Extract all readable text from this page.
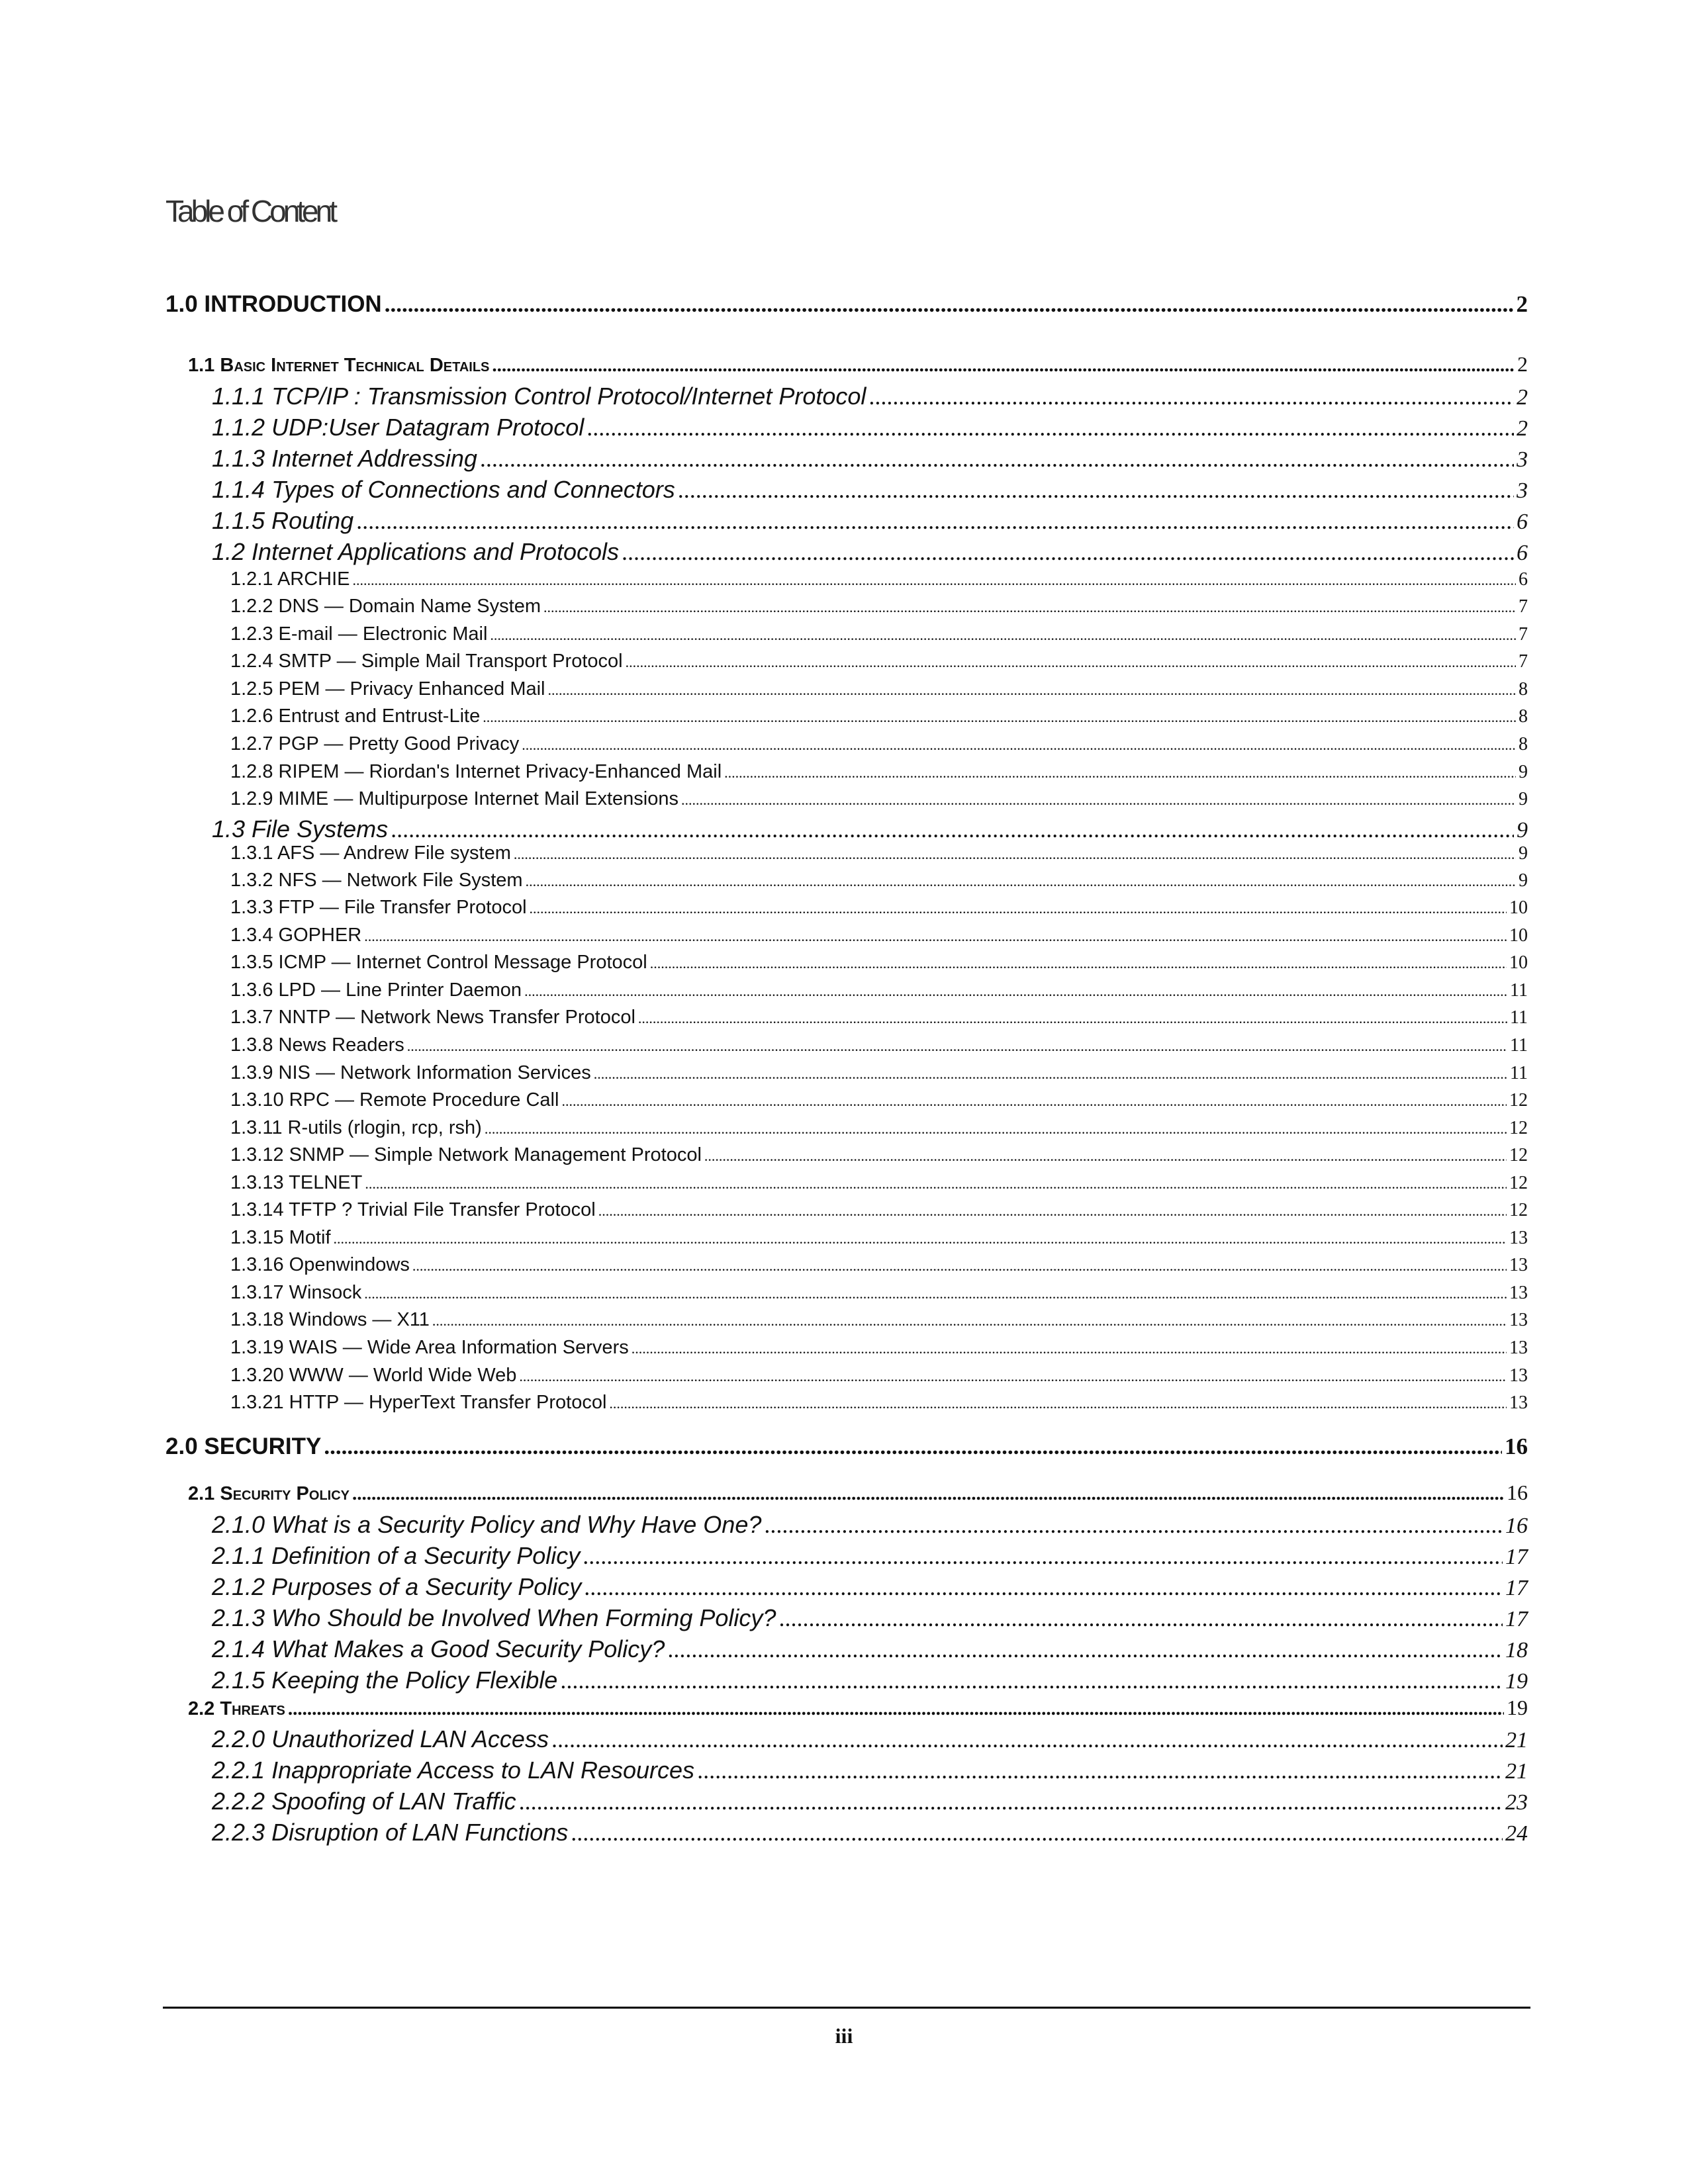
Table of Content
1.0 INTRODUCTION .....	2
1.1 Basic Internet Technical Details .....	2
1.1.1 TCP/IP : Transmission Control Protocol/Internet Protocol .....	2
1.1.2 UDP:User Datagram Protocol .....	2
1.1.3 Internet Addressing .....	3
1.1.4 Types of Connections and Connectors .....	3
1.1.5 Routing .....	6
1.2 Internet Applications and Protocols .....	6
1.2.1 ARCHIE .....	6
1.2.2 DNS — Domain Name System .....	7
1.2.3 E-mail — Electronic Mail .....	7
1.2.4 SMTP — Simple Mail Transport Protocol .....	7
1.2.5 PEM — Privacy Enhanced Mail .....	8
1.2.6 Entrust and Entrust-Lite .....	8
1.2.7 PGP — Pretty Good Privacy .....	8
1.2.8 RIPEM — Riordan's Internet Privacy-Enhanced Mail .....	9
1.2.9 MIME — Multipurpose Internet Mail Extensions .....	9
1.3 File Systems .....	9
1.3.1 AFS — Andrew File system .....	9
1.3.2 NFS — Network File System .....	9
1.3.3 FTP — File Transfer Protocol .....	10
1.3.4 GOPHER .....	10
1.3.5 ICMP — Internet Control Message Protocol .....	10
1.3.6 LPD — Line Printer Daemon .....	11
1.3.7 NNTP — Network News Transfer Protocol .....	11
1.3.8 News Readers .....	11
1.3.9 NIS — Network Information Services .....	11
1.3.10 RPC — Remote Procedure Call .....	12
1.3.11 R-utils (rlogin, rcp, rsh) .....	12
1.3.12 SNMP — Simple Network Management Protocol .....	12
1.3.13 TELNET .....	12
1.3.14 TFTP ? Trivial File Transfer Protocol .....	12
1.3.15 Motif .....	13
1.3.16 Openwindows .....	13
1.3.17 Winsock .....	13
1.3.18 Windows — X11 .....	13
1.3.19 WAIS — Wide Area Information Servers .....	13
1.3.20 WWW — World Wide Web .....	13
1.3.21 HTTP — HyperText Transfer Protocol .....	13
2.0 SECURITY .....	16
2.1 Security Policy .....	16
2.1.0 What is a Security Policy and Why Have One? .....	16
2.1.1 Definition of a Security Policy .....	17
2.1.2 Purposes of a Security Policy .....	17
2.1.3 Who Should be Involved When Forming Policy? .....	17
2.1.4 What Makes a Good Security Policy? .....	18
2.1.5 Keeping the Policy Flexible .....	19
2.2 Threats .....	19
2.2.0 Unauthorized LAN Access .....	21
2.2.1 Inappropriate Access to LAN Resources .....	21
2.2.2 Spoofing of LAN Traffic .....	23
2.2.3 Disruption of LAN Functions .....	24
iii
